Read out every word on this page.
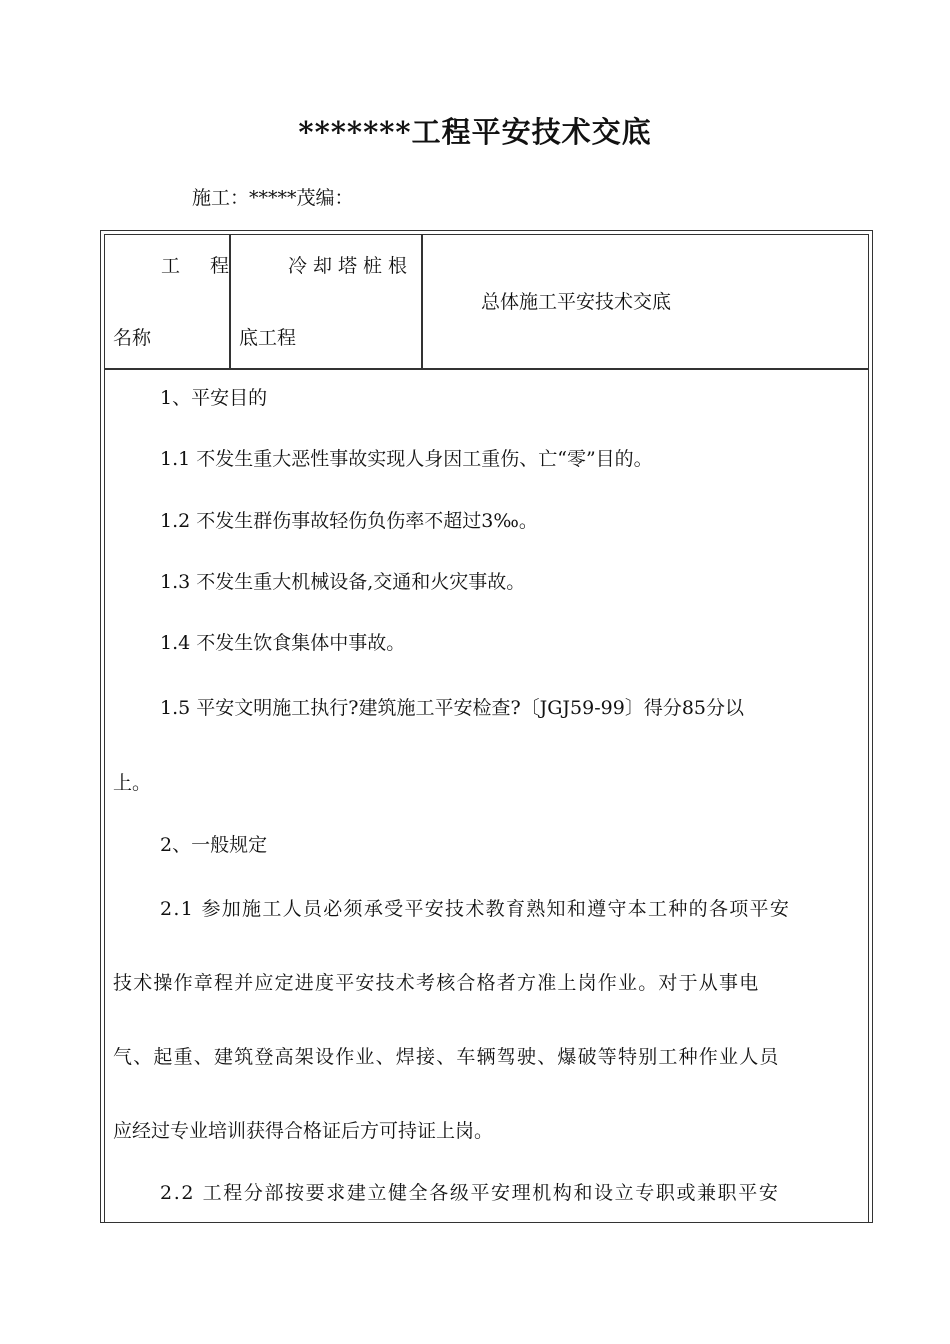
*******工程平安技术交底
施工：*****茂编：
工 程
名称
冷却塔桩根
底工程
总体施工平安技术交底
1、平安目的
1.1 不发生重大恶性事故实现人身因工重伤、亡“零”目的。
1.2 不发生群伤事故轻伤负伤率不超过3‰。
1.3 不发生重大机械设备,交通和火灾事故。
1.4 不发生饮食集体中事故。
1.5 平安文明施工执行?建筑施工平安检查?〔JGJ59-99〕得分85分以
上。
2、一般规定
2.1 参加施工人员必须承受平安技术教育熟知和遵守本工种的各项平安
技术操作章程并应定进度平安技术考核合格者方准上岗作业。对于从事电
气、起重、建筑登高架设作业、焊接、车辆驾驶、爆破等特别工种作业人员
应经过专业培训获得合格证后方可持证上岗。
2.2 工程分部按要求建立健全各级平安理机构和设立专职或兼职平安
